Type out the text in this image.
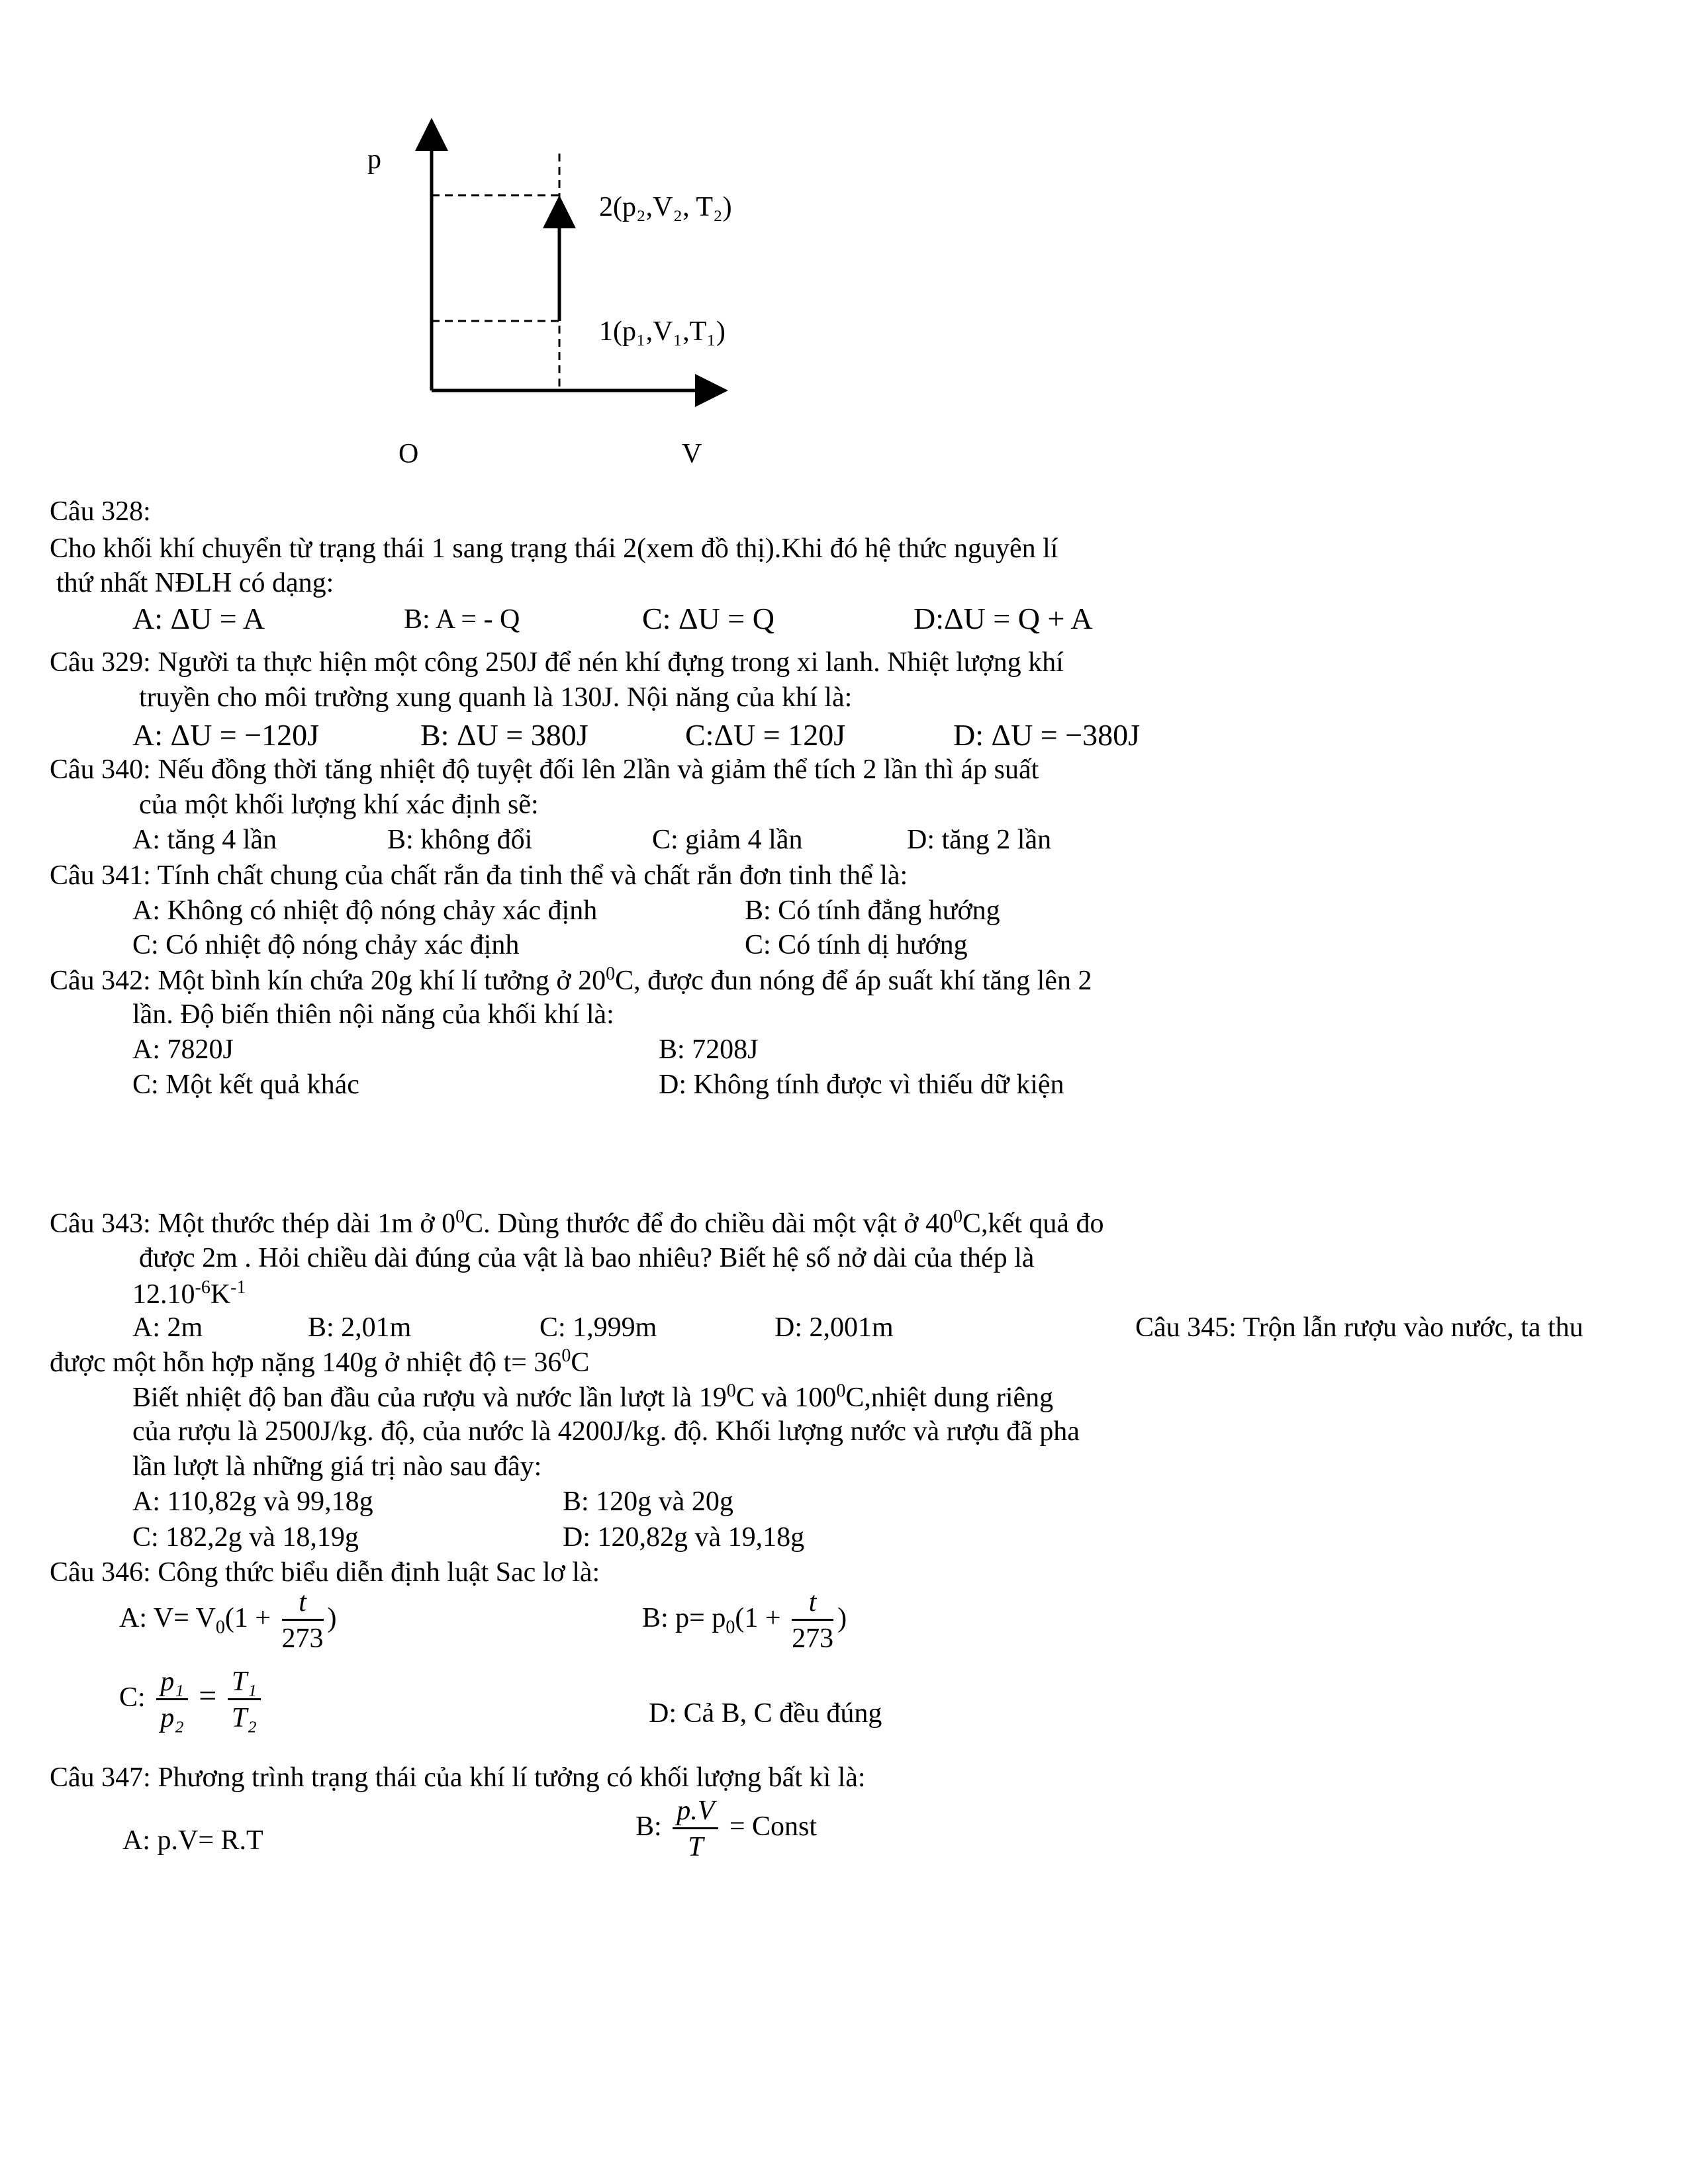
p
O	V
2(p₂,V₂, T₂)
1(p₁,V₁,T₁)
Câu 328:
Cho khối khí chuyển từ trạng thái 1 sang trạng thái 2(xem đồ thị).Khi đó hệ thức nguyên lí
thứ nhất NĐLH có dạng:
A: ΔU = A	B: A = - Q	C: ΔU = Q	D:ΔU = Q + A
Câu 329: Người ta thực hiện một công 250J để nén khí đựng trong xi lanh. Nhiệt lượng khí
truyền cho môi trường xung quanh là 130J. Nội năng của khí là:
A: ΔU = −120J	B: ΔU = 380J	C:ΔU = 120J	D: ΔU = −380J
Câu 340: Nếu đồng thời tăng nhiệt độ tuyệt đối lên 2lần và giảm thể tích 2 lần thì áp suất
của một khối lượng khí xác định sẽ:
A: tăng 4 lần	B: không đổi	C: giảm 4 lần	D: tăng 2 lần
Câu 341: Tính chất chung của chất rắn đa tinh thể và chất rắn đơn tinh thể là:
A: Không có nhiệt độ nóng chảy xác định	B: Có tính đẳng hướng
C: Có nhiệt độ nóng chảy xác định	C: Có tính dị hướng
Câu 342: Một bình kín chứa 20g khí lí tưởng ở $20^0C$, được đun nóng để áp suất khí tăng lên 2
lần. Độ biến thiên nội năng của khối khí là:
A: 7820J	B: 7208J
C: Một kết quả khác	D: Không tính được vì thiếu dữ kiện
Câu 343: Một thước thép dài 1m ở $0^0C$. Dùng thước để đo chiều dài một vật ở $40^0C,kết$ quả đo
được 2m . Hỏi chiều dài đúng của vật là bao nhiêu? Biết hệ số nở dài của thép là
$12.10^{-6}K^{-1}$
A: 2m	B: 2,01m	C: 1,999m	D: 2,001m	Câu 345: Trộn lẫn rượu vào nước, ta thu
được một hỗn hợp nặng 140g ở nhiệt độ $t= 36^0C$
Biết nhiệt độ ban đầu của rượu và nước lần lượt là $19^0C$ và $100^0C,nhiệt$ dung riêng
của rượu là 2500J/kg. độ, của nước là 4200J/kg. độ. Khối lượng nước và rượu đã pha
lần lượt là những giá trị nào sau đây:
A: 110,82g và 99,18g	B: 120g và 20g
C: 182,2g và 18,19g	D: 120,82g và 19,18g
Câu 346: Công thức biểu diễn định luật Sac lơ là:
A: $V= V_0(1 + \frac{t}{273}$ )	B: $p= p_0(1 + \frac{t}{273}$ )
C: $\frac{\text{p₁}}{\text{p₂}} = \frac{\text{T₁}}{\text{T₂}}$	D: Cả B, C đều đúng
Câu 347: Phương trình trạng thái của khí lí tưởng có khối lượng bất kì là:
A: p.V= R.T	B: $\frac{p.V}{T}$ = Const
